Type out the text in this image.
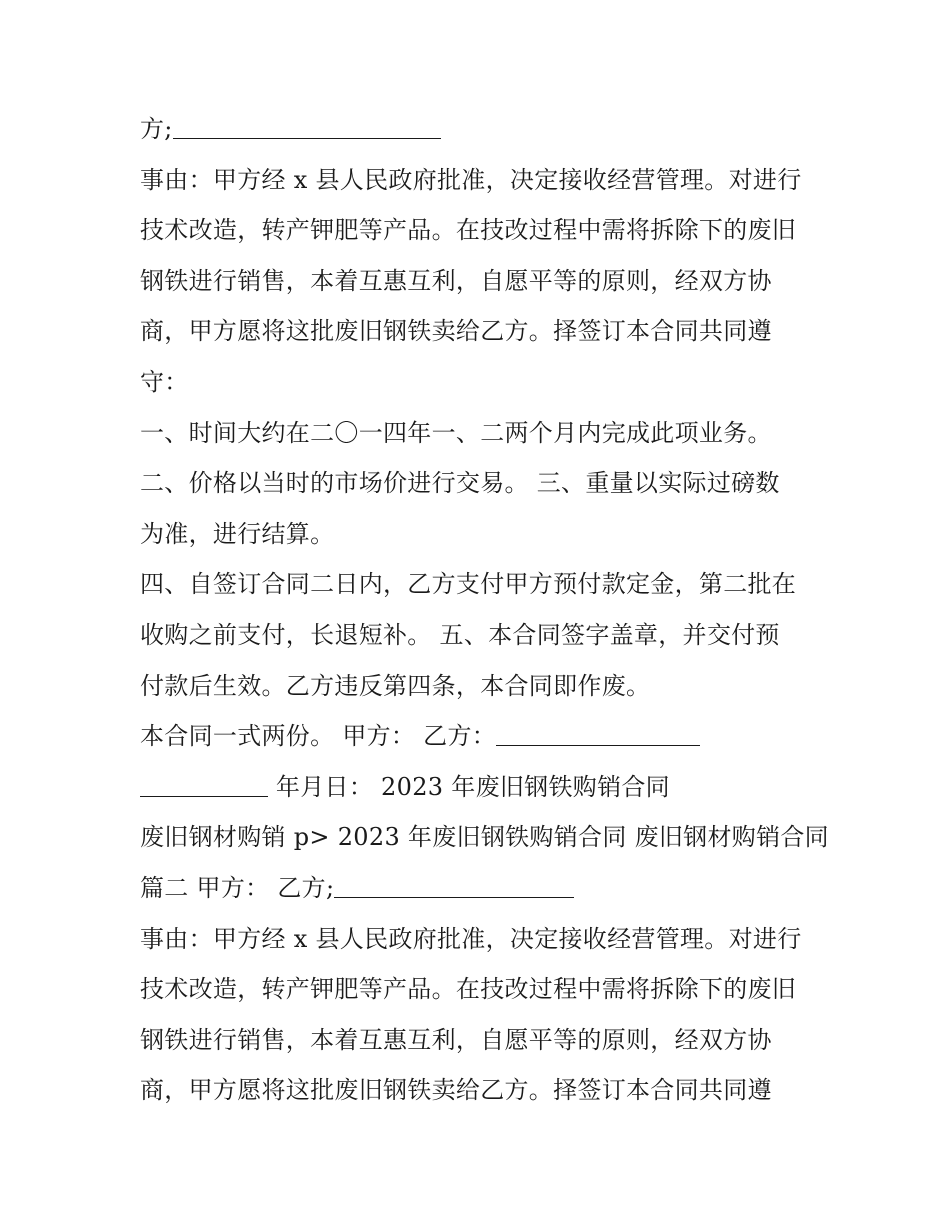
方;
事由：甲方经 x 县人民政府批准，决定接收经营管理。对进行
技术改造，转产钾肥等产品。在技改过程中需将拆除下的废旧
钢铁进行销售，本着互惠互利，自愿平等的原则，经双方协
商，甲方愿将这批废旧钢铁卖给乙方。择签订本合同共同遵
守：
一、时间大约在二〇一四年一、二两个月内完成此项业务。
二、价格以当时的市场价进行交易。 三、重量以实际过磅数
为准，进行结算。
四、自签订合同二日内，乙方支付甲方预付款定金，第二批在
收购之前支付，长退短补。 五、本合同签字盖章，并交付预
付款后生效。乙方违反第四条，本合同即作废。
本合同一式两份。 甲方： 乙方：
年月日： 2023 年废旧钢铁购销合同
废旧钢材购销 p> 2023 年废旧钢铁购销合同 废旧钢材购销合同
篇二 甲方： 乙方;
事由：甲方经 x 县人民政府批准，决定接收经营管理。对进行
技术改造，转产钾肥等产品。在技改过程中需将拆除下的废旧
钢铁进行销售，本着互惠互利，自愿平等的原则，经双方协
商，甲方愿将这批废旧钢铁卖给乙方。择签订本合同共同遵
